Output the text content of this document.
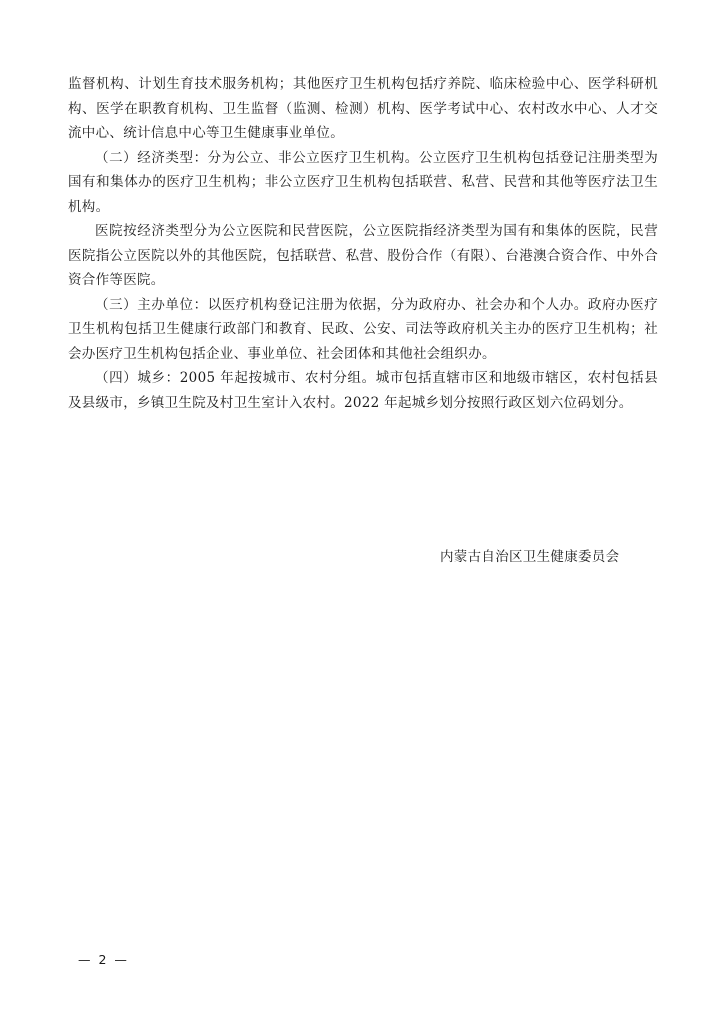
监督机构、计划生育技术服务机构；其他医疗卫生机构包括疗养院、临床检验中心、医学科研机构、医学在职教育机构、卫生监督（监测、检测）机构、医学考试中心、农村改水中心、人才交流中心、统计信息中心等卫生健康事业单位。

（二）经济类型：分为公立、非公立医疗卫生机构。公立医疗卫生机构包括登记注册类型为国有和集体办的医疗卫生机构；非公立医疗卫生机构包括联营、私营、民营和其他等医疗法卫生机构。

医院按经济类型分为公立医院和民营医院，公立医院指经济类型为国有和集体的医院，民营医院指公立医院以外的其他医院，包括联营、私营、股份合作（有限）、台港澳合资合作、中外合资合作等医院。

（三）主办单位：以医疗机构登记注册为依据，分为政府办、社会办和个人办。政府办医疗卫生机构包括卫生健康行政部门和教育、民政、公安、司法等政府机关主办的医疗卫生机构；社会办医疗卫生机构包括企业、事业单位、社会团体和其他社会组织办。

（四）城乡：2005 年起按城市、农村分组。城市包括直辖市区和地级市辖区，农村包括县及县级市，乡镇卫生院及村卫生室计入农村。2022 年起城乡划分按照行政区划六位码划分。

内蒙古自治区卫生健康委员会
— 2 —
